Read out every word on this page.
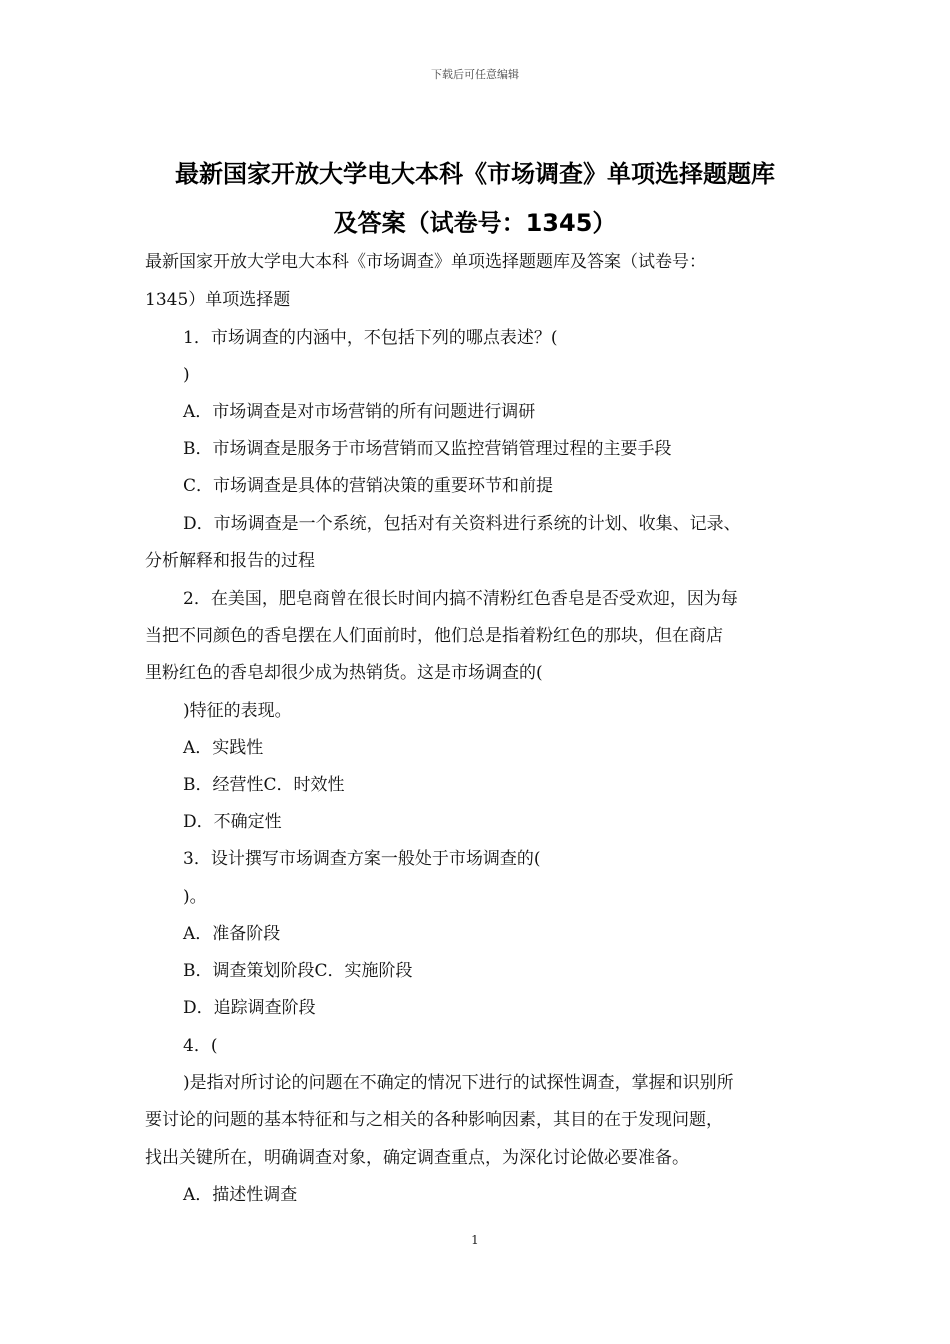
下载后可任意编辑
最新国家开放大学电大本科《市场调查》单项选择题题库
及答案（试卷号：1345）
最新国家开放大学电大本科《市场调查》单项选择题题库及答案（试卷号：
1345）单项选择题
1．市场调查的内涵中，不包括下列的哪点表述？(
)
A．市场调查是对市场营销的所有问题进行调研
B．市场调查是服务于市场营销而又监控营销管理过程的主要手段
C．市场调查是具体的营销决策的重要环节和前提
D．市场调查是一个系统，包括对有关资料进行系统的计划、收集、记录、
分析解释和报告的过程
2．在美国，肥皂商曾在很长时间内搞不清粉红色香皂是否受欢迎，因为每
当把不同颜色的香皂摆在人们面前时，他们总是指着粉红色的那块，但在商店
里粉红色的香皂却很少成为热销货。这是市场调查的(
)特征的表现。
A．实践性
B．经营性C．时效性
D．不确定性
3．设计撰写市场调查方案一般处于市场调查的(
)。
A．准备阶段
B．调查策划阶段C．实施阶段
D．追踪调查阶段
4．(
)是指对所讨论的问题在不确定的情况下进行的试探性调查，掌握和识别所
要讨论的问题的基本特征和与之相关的各种影响因素，其目的在于发现问题，
找出关键所在，明确调查对象，确定调查重点，为深化讨论做必要准备。
A．描述性调查
1
